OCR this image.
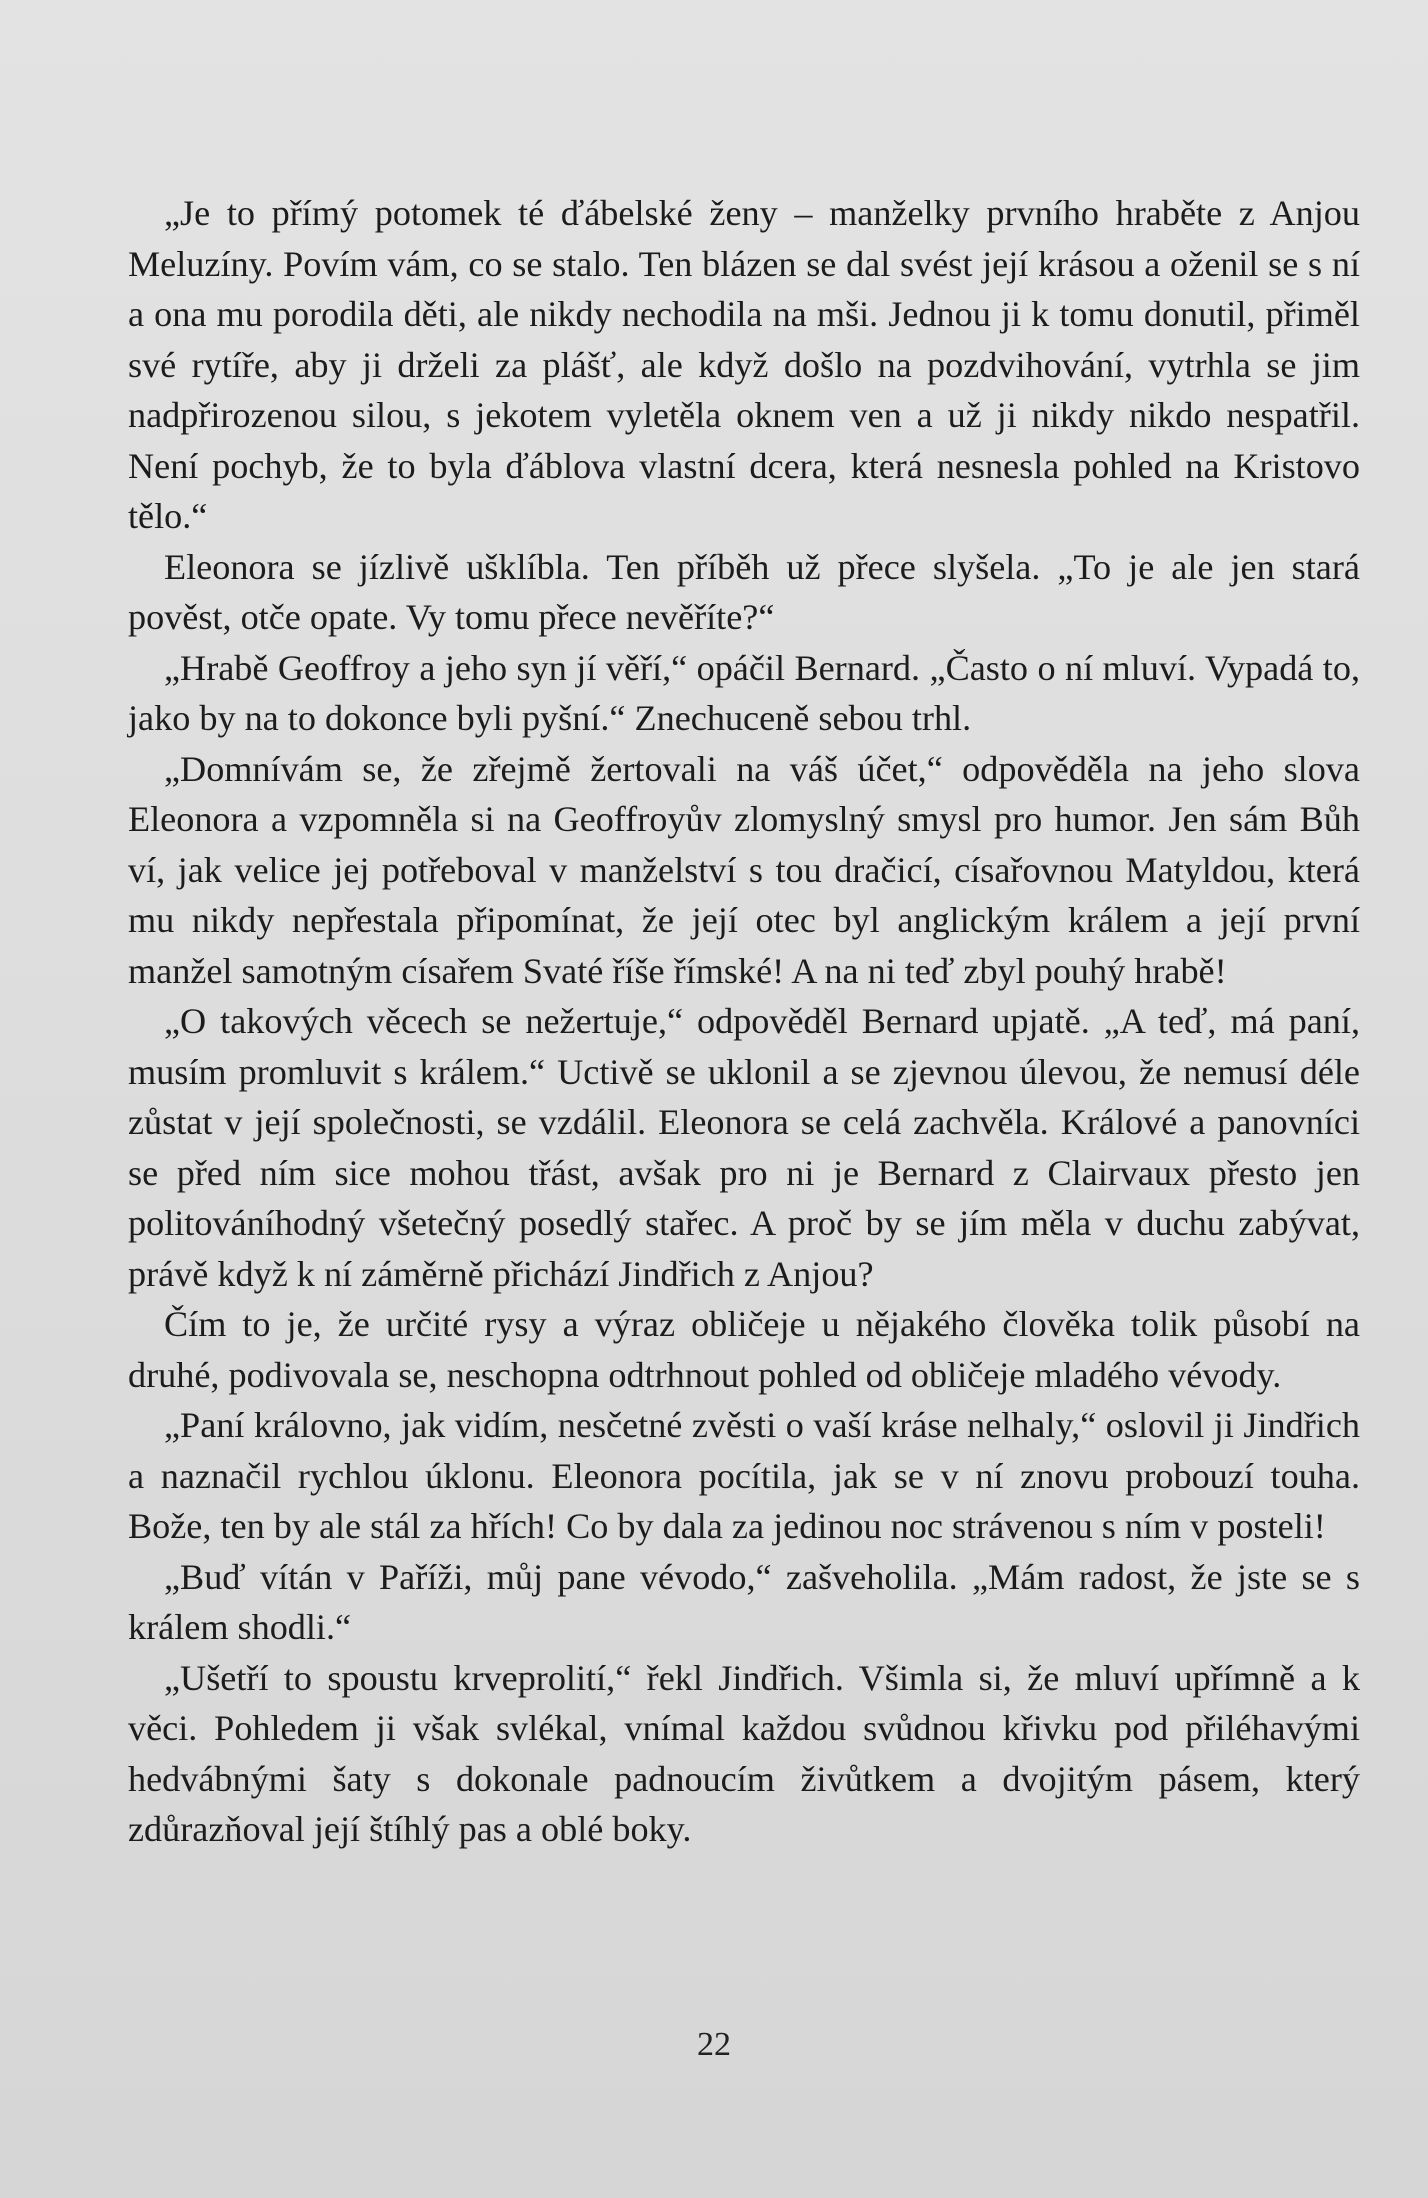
„Je to přímý potomek té ďábelské ženy – manželky prvního hraběte z Anjou Meluzíny. Povím vám, co se stalo. Ten blázen se dal svést její krásou a oženil se s ní a ona mu porodila děti, ale nikdy nechodila na mši. Jednou ji k tomu donutil, přiměl své rytíře, aby ji drželi za plášť, ale když došlo na pozdvihování, vytrhla se jim nadpřirozenou silou, s jekotem vyletěla oknem ven a už ji nikdy nikdo nespatřil. Není pochyb, že to byla ďáblova vlastní dcera, která nesnesla pohled na Kristovo tělo.“

Eleonora se jízlivě ušklíbla. Ten příběh už přece slyšela. „To je ale jen stará pověst, otče opate. Vy tomu přece nevěříte?“

„Hrabě Geoffroy a jeho syn jí věří,“ opáčil Bernard. „Často o ní mluví. Vypadá to, jako by na to dokonce byli pyšní.“ Znechuceně sebou trhl.

„Domnívám se, že zřejmě žertovali na váš účet,“ odpověděla na jeho slova Eleonora a vzpomněla si na Geoffroyův zlomyslný smysl pro humor. Jen sám Bůh ví, jak velice jej potřeboval v manželství s tou dračicí, císařovnou Matyldou, která mu nikdy nepřestala připomínat, že její otec byl anglickým králem a její první manžel samotným císařem Svaté říše římské! A na ni teď zbyl pouhý hrabě!

„O takových věcech se nežertuje,“ odpověděl Bernard upjatě. „A teď, má paní, musím promluvit s králem.“ Uctivě se uklonil a se zjevnou úlevou, že nemusí déle zůstat v její společnosti, se vzdálil. Eleonora se celá zachvěla. Králové a panovníci se před ním sice mohou třást, avšak pro ni je Bernard z Clairvaux přesto jen politováníhodný všetečný posedlý stařec. A proč by se jím měla v duchu zabývat, právě když k ní záměrně přichází Jindřich z Anjou?

Čím to je, že určité rysy a výraz obličeje u nějakého člověka tolik působí na druhé, podivovala se, neschopna odtrhnout pohled od obličeje mladého vévody.

„Paní královno, jak vidím, nesčetné zvěsti o vaší kráse nelhaly,“ oslovil ji Jindřich a naznačil rychlou úklonu. Eleonora pocítila, jak se v ní znovu probouzí touha. Bože, ten by ale stál za hřích! Co by dala za jedinou noc strávenou s ním v posteli!

„Buď vítán v Paříži, můj pane vévodo,“ zašveholila. „Mám radost, že jste se s králem shodli.“

„Ušetří to spoustu krveprolití,“ řekl Jindřich. Všimla si, že mluví upřímně a k věci. Pohledem ji však svlékal, vnímal každou svůdnou křivku pod přiléhavými hedvábnými šaty s dokonale padnoucím živůtkem a dvojitým pásem, který zdůrazňoval její štíhlý pas a oblé boky.

22
